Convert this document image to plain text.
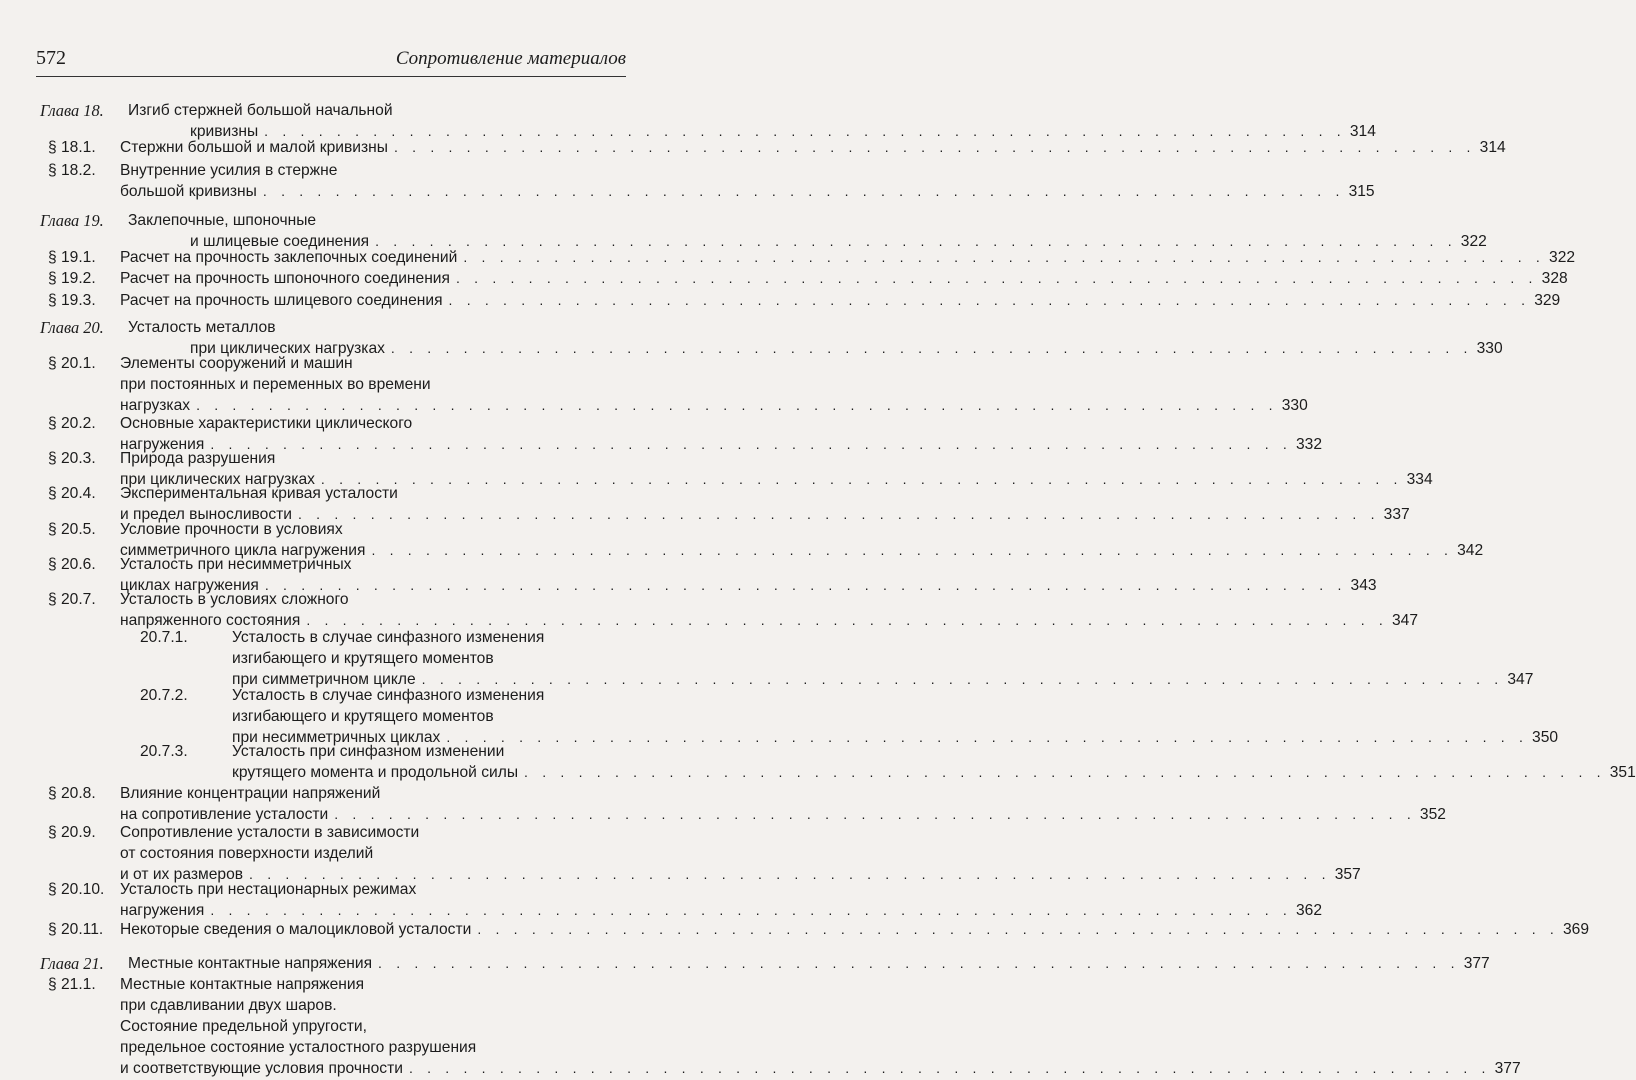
572	Сопротивление материалов
Глава 18. Изгиб стержней большой начальной
кривизны . . . . . . . . . . . . . . . . . . . . . . . . . . . . . . . . . . . . . . . . . . . . . . . . . . . . . . . . . . . . 314
§ 18.1. Стержни большой и малой кривизны . . . . . . . . . . . . . . . . . . . . . . . . . . . . . . . . . . . . . . . . . . . . . . . . . . . . . . . . . . . . 314
§ 18.2. Внутренние усилия в стержне
большой кривизны . . . . . . . . . . . . . . . . . . . . . . . . . . . . . . . . . . . . . . . . . . . . . . . . . . . . . . . . . . . . 315
Глава 19. Заклепочные, шпоночные
и шлицевые соединения . . . . . . . . . . . . . . . . . . . . . . . . . . . . . . . . . . . . . . . . . . . . . . . . . . . . . . . . . . . . 322
§ 19.1. Расчет на прочность заклепочных соединений . . . . . . . . . . . . . . . . . . . . . . . . . . . . . . . . . . . . . . . . . . . . . . . . . . . . . . . . . . . . 322
§ 19.2. Расчет на прочность шпоночного соединения . . . . . . . . . . . . . . . . . . . . . . . . . . . . . . . . . . . . . . . . . . . . . . . . . . . . . . . . . . . . 328
§ 19.3. Расчет на прочность шлицевого соединения . . . . . . . . . . . . . . . . . . . . . . . . . . . . . . . . . . . . . . . . . . . . . . . . . . . . . . . . . . . . 329
Глава 20. Усталость металлов
при циклических нагрузках . . . . . . . . . . . . . . . . . . . . . . . . . . . . . . . . . . . . . . . . . . . . . . . . . . . . . . . . . . . . 330
§ 20.1. Элементы сооружений и машин
при постоянных и переменных во времени
нагрузках . . . . . . . . . . . . . . . . . . . . . . . . . . . . . . . . . . . . . . . . . . . . . . . . . . . . . . . . . . . . 330
§ 20.2. Основные характеристики циклического
нагружения . . . . . . . . . . . . . . . . . . . . . . . . . . . . . . . . . . . . . . . . . . . . . . . . . . . . . . . . . . . . 332
§ 20.3. Природа разрушения
при циклических нагрузках . . . . . . . . . . . . . . . . . . . . . . . . . . . . . . . . . . . . . . . . . . . . . . . . . . . . . . . . . . . . 334
§ 20.4. Экспериментальная кривая усталости
и предел выносливости . . . . . . . . . . . . . . . . . . . . . . . . . . . . . . . . . . . . . . . . . . . . . . . . . . . . . . . . . . . . 337
§ 20.5. Условие прочности в условиях
симметричного цикла нагружения . . . . . . . . . . . . . . . . . . . . . . . . . . . . . . . . . . . . . . . . . . . . . . . . . . . . . . . . . . . . 342
§ 20.6. Усталость при несимметричных
циклах нагружения . . . . . . . . . . . . . . . . . . . . . . . . . . . . . . . . . . . . . . . . . . . . . . . . . . . . . . . . . . . . 343
§ 20.7. Усталость в условиях сложного
напряженного состояния . . . . . . . . . . . . . . . . . . . . . . . . . . . . . . . . . . . . . . . . . . . . . . . . . . . . . . . . . . . . 347
20.7.1.	Усталость в случае синфазного изменения
изгибающего и крутящего моментов
при симметричном цикле . . . . . . . . . . . . . . . . . . . . . . . . . . . . . . . . . . . . . . . . . . . . . . . . . . . . . . . . . . . . 347
20.7.2.	Усталость в случае синфазного изменения
изгибающего и крутящего моментов
при несимметричных циклах . . . . . . . . . . . . . . . . . . . . . . . . . . . . . . . . . . . . . . . . . . . . . . . . . . . . . . . . . . . . 350
20.7.3.	Усталость при синфазном изменении
крутящего момента и продольной силы . . . . . . . . . . . . . . . . . . . . . . . . . . . . . . . . . . . . . . . . . . . . . . . . . . . . . . . . . . . . 351
§ 20.8. Влияние концентрации напряжений
на сопротивление усталости . . . . . . . . . . . . . . . . . . . . . . . . . . . . . . . . . . . . . . . . . . . . . . . . . . . . . . . . . . . . 352
§ 20.9. Сопротивление усталости в зависимости
от состояния поверхности изделий
и от их размеров . . . . . . . . . . . . . . . . . . . . . . . . . . . . . . . . . . . . . . . . . . . . . . . . . . . . . . . . . . . . 357
§ 20.10. Усталость при нестационарных режимах
нагружения . . . . . . . . . . . . . . . . . . . . . . . . . . . . . . . . . . . . . . . . . . . . . . . . . . . . . . . . . . . . 362
§ 20.11. Некоторые сведения о малоцикловой усталости . . . . . . . . . . . . . . . . . . . . . . . . . . . . . . . . . . . . . . . . . . . . . . . . . . . . . . . . . . . . 369
Глава 21. Местные контактные напряжения . . . . . . . . . . . . . . . . . . . . . . . . . . . . . . . . . . . . . . . . . . . . . . . . . . . . . . . . . . . . 377
§ 21.1. Местные контактные напряжения
при сдавливании двух шаров.
Состояние предельной упругости,
предельное состояние усталостного разрушения
и соответствующие условия прочности . . . . . . . . . . . . . . . . . . . . . . . . . . . . . . . . . . . . . . . . . . . . . . . . . . . . . . . . . . . . 377
